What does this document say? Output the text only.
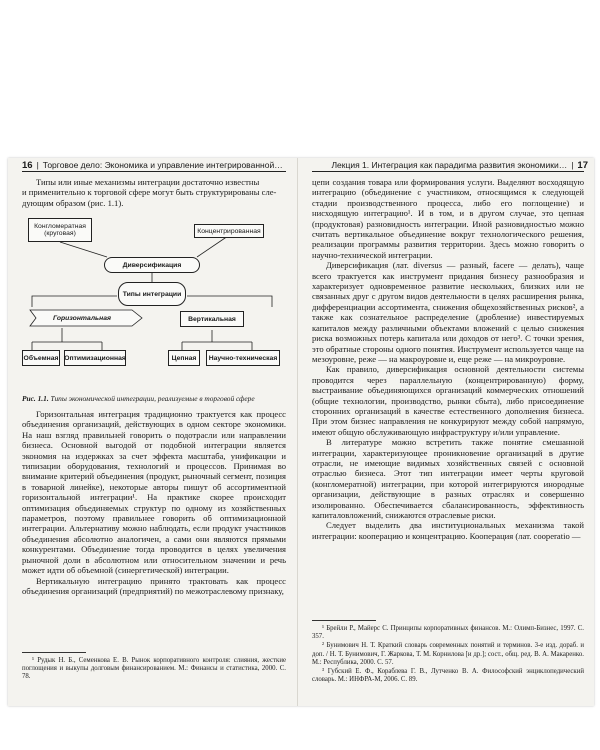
16 | Торговое дело: Экономика и управление интегрированной…	Лекция 1. Интеграция как парадигма развития экономики… | 17

Типы или иные механизмы интеграции достаточно известны

и применительно к торговой сфере могут быть структурированы сле-

дующим образом (рис. 1.1).

Конгломератная (круговая)	Концентрированная
Диверсификация
Типы интеграции
Горизонтальная	Вертикальная
Объемная Оптимизационная	Цепная	Научно-техническая
Рис. 1.1. Типы экономической интеграции, реализуемые в торговой сфере

Горизонтальная интеграция традиционно трактуется как процесс объединения организаций, действующих в одном секторе экономики. На наш взгляд правильней говорить о подотрасли или направлении бизнеса. Основной выгодой от подобной интеграции является экономия на издержках за счет эффекта масштаба, унификации и типизации оборудования, технологий и процессов. Принимая во внимание критерий объединения (продукт, рыночный сегмент, позиция в товарной линейке), некоторые авторы пишут об ассортиментной горизонтальной интеграции¹. На практике скорее происходит оптимизация объединяемых структур по одному из хозяйственных параметров, поэтому правильнее говорить об оптимизационной интеграции. Альтернативу можно наблюдать, если продукт участников объединения абсолютно аналогичен, а сами они являются прямыми конкурентами. Объединение тогда проводится в целях увеличения рыночной доли в абсолютном или относительном значении и речь может идти об объемной (синергетической) интеграции.

Вертикальную интеграцию принято трактовать как процесс объединения организаций (предприятий) по межотраслевому признаку,

¹ Рудык Н. Б., Семенкова Е. В. Рынок корпоративного контроля: слияния, жесткие поглощения и выкупы долговым финансированием. М.: Финансы и статистика, 2000. С. 78.

цепи создания товара или формирования услуги. Выделяют восходящую интеграцию (объединение с участником, относящимся к следующей стадии производственного процесса, либо его поглощение) и нисходящую интеграцию¹. И в том, и в другом случае, это цепная (продуктовая) разновидность интеграции. Иной разновидностью можно считать вертикальное объединение вокруг технологического решения, реализации программы развития территории. Здесь можно говорить о научно-технической интеграции.

Диверсификация (лат. diversus — разный, facere — делать), чаще всего трактуется как инструмент придания бизнесу разнообразия и характеризует одновременное развитие нескольких, близких или не связанных друг с другом видов деятельности в целях расширения рынка, дифференциации ассортимента, снижения общехозяйственных рисков², а также как сознательное распределение (дробление) инвестируемых капиталов между различными объектами вложений с целью снижения риска возможных потерь капитала или доходов от него³. С точки зрения, это обратные стороны одного понятия. Инструмент используется чаще на мезоуровне, реже — на макроуровне и, еще реже — на микроуровне.

Как правило, диверсификация основной деятельности системы проводится через параллельную (концентрированную) форму, выстраивание объединяющихся организаций коммерческих отношений (общие технологии, производство, рынки сбыта), либо присоединение сторонних организаций в качестве естественного дополнения бизнеса. При этом бизнес направления не конкурируют между собой напрямую, имеют общую обслуживающую инфраструктуру и/или управление.

В литературе можно встретить также понятие смешанной интеграции, характеризующее проникновение организаций в другие отрасли, не имеющие видимых хозяйственных связей с основной отраслью бизнеса. Этот тип интеграции имеет черты круговой (конгломератной) интеграции, при которой интегрируются инородные организации, действующие в разных отраслях и совершенно изолированно. Обеспечивается сбалансированность, эффективность капиталовложений, снижаются отраслевые риски.

Следует выделить два институциональных механизма такой интеграции: кооперацию и концентрацию. Кооперация (лат. cooperatio —

¹ Брейли Р., Майерс С. Принципы корпоративных финансов. М.: Олимп-Бизнес, 1997. С. 357.

² Бунимович Н. Т. Краткий словарь современных понятий и терминов. 3-е изд. дораб. и доп. / Н. Т. Бунимович, Г. Жаркова, Т. М. Корнилова [и др.]; сост., общ. ред. В. А. Макаренко. М.: Республика, 2000. С. 57.

³ Губский Е. Ф., Кораблева Г. В., Лутченко В. А. Философский энциклопедический словарь. М.: ИНФРА-М, 2006. С. 89.
